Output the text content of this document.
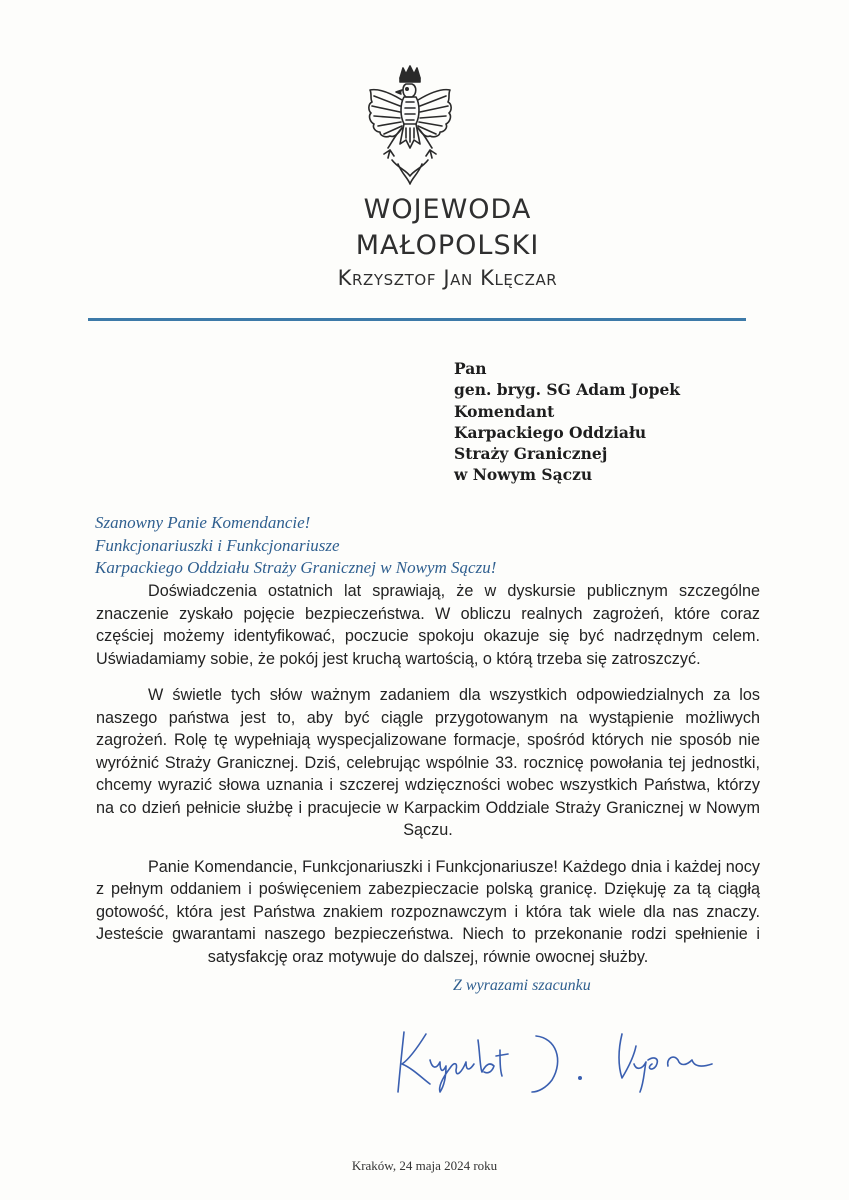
WOJEWODA
MAŁOPOLSKI
Krzysztof Jan Klęczar
Pan
gen. bryg. SG Adam Jopek
Komendant
Karpackiego Oddziału
Straży Granicznej
w Nowym Sączu
Szanowny Panie Komendancie!
Funkcjonariuszki i Funkcjonariusze
Karpackiego Oddziału Straży Granicznej w Nowym Sączu!

Doświadczenia ostatnich lat sprawiają, że w dyskursie publicznym szczególne znaczenie zyskało pojęcie bezpieczeństwa. W obliczu realnych zagrożeń, które coraz częściej możemy identyfikować, poczucie spokoju okazuje się być nadrzędnym celem. Uświadamiamy sobie, że pokój jest kruchą wartością, o którą trzeba się zatroszczyć.

W świetle tych słów ważnym zadaniem dla wszystkich odpowiedzialnych za los naszego państwa jest to, aby być ciągle przygotowanym na wystąpienie możliwych zagrożeń. Rolę tę wypełniają wyspecjalizowane formacje, spośród których nie sposób nie wyróżnić Straży Granicznej. Dziś, celebrując wspólnie 33. rocznicę powołania tej jednostki, chcemy wyrazić słowa uznania i szczerej wdzięczności wobec wszystkich Państwa, którzy na co dzień pełnicie służbę i pracujecie w Karpackim Oddziale Straży Granicznej w Nowym Sączu.

Panie Komendancie, Funkcjonariuszki i Funkcjonariusze! Każdego dnia i każdej nocy z pełnym oddaniem i poświęceniem zabezpieczacie polską granicę. Dziękuję za tą ciągłą gotowość, która jest Państwa znakiem rozpoznawczym i która tak wiele dla nas znaczy. Jesteście gwarantami naszego bezpieczeństwa. Niech to przekonanie rodzi spełnienie i satysfakcję oraz motywuje do dalszej, równie owocnej służby.

Z wyrazami szacunku
Kraków, 24 maja 2024 roku
